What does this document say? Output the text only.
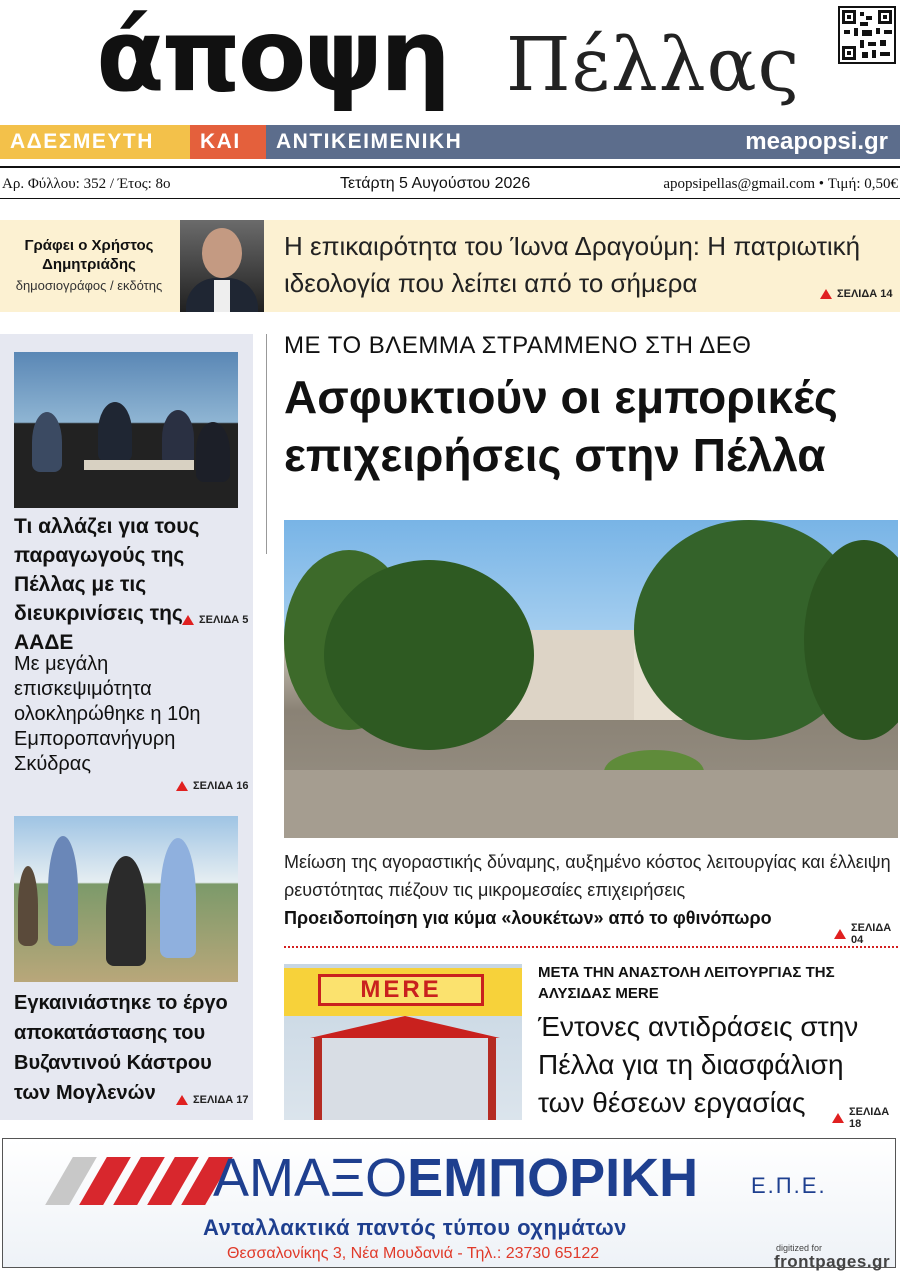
άποψη Πέλλας
ΑΔΕΣΜΕΥΤΗ	ΚΑΙ	ΑΝΤΙΚΕΙΜΕΝΙΚΗ	meapopsi.gr
Αρ. Φύλλου: 352 / Έτος: 8ο	Τετάρτη 5 Αυγούστου 2026	apopsipellas@gmail.com • Τιμή: 0,50€
Γράφει ο Χρήστος
Δημητριάδης
δημοσιογράφος / εκδότης
Η επικαιρότητα του Ίωνα Δραγούμη: Η πατριωτική ιδεολογία που λείπει από το σήμερα	ΣΕΛΙΔΑ 14
Τι αλλάζει για τους παραγωγούς της Πέλλας με τις διευκρινίσεις της ΑΑΔΕ
ΣΕΛΙΔΑ 5
Με μεγάλη επισκεψιμότητα ολοκληρώθηκε η 10η Εμποροπανήγυρη Σκύδρας
ΣΕΛΙΔΑ 16
Εγκαινιάστηκε το έργο αποκατάστασης του Βυζαντινού Κάστρου των Μογλενών	ΣΕΛΙΔΑ 17
ΜΕ ΤΟ ΒΛΕΜΜΑ ΣΤΡΑΜΜΕΝΟ ΣΤΗ ΔΕΘ
Ασφυκτιούν οι εμπορικές επιχειρήσεις στην Πέλλα
Μείωση της αγοραστικής δύναμης, αυξημένο κόστος λειτουργίας και έλλειψη ρευστότητας πιέζουν τις μικρομεσαίες επιχειρήσεις
Προειδοποίηση για κύμα «λουκέτων» από το φθινόπωρο	ΣΕΛΙΔΑ 04
MERE
ΜΕΤΑ ΤΗΝ ΑΝΑΣΤΟΛΗ ΛΕΙΤΟΥΡΓΙΑΣ ΤΗΣ ΑΛΥΣΙΔΑΣ MERE
Έντονες αντιδράσεις στην Πέλλα για τη διασφάλιση των θέσεων εργασίας	ΣΕΛΙΔΑ 18
ΑΜΑΞΟΕΜΠΟΡΙΚΗ Ε.Π.Ε.
Ανταλλακτικά παντός τύπου οχημάτων
Θεσσαλονίκης 3, Νέα Μουδανιά - Τηλ.: 23730 65122	digitized for
frontpages.gr
